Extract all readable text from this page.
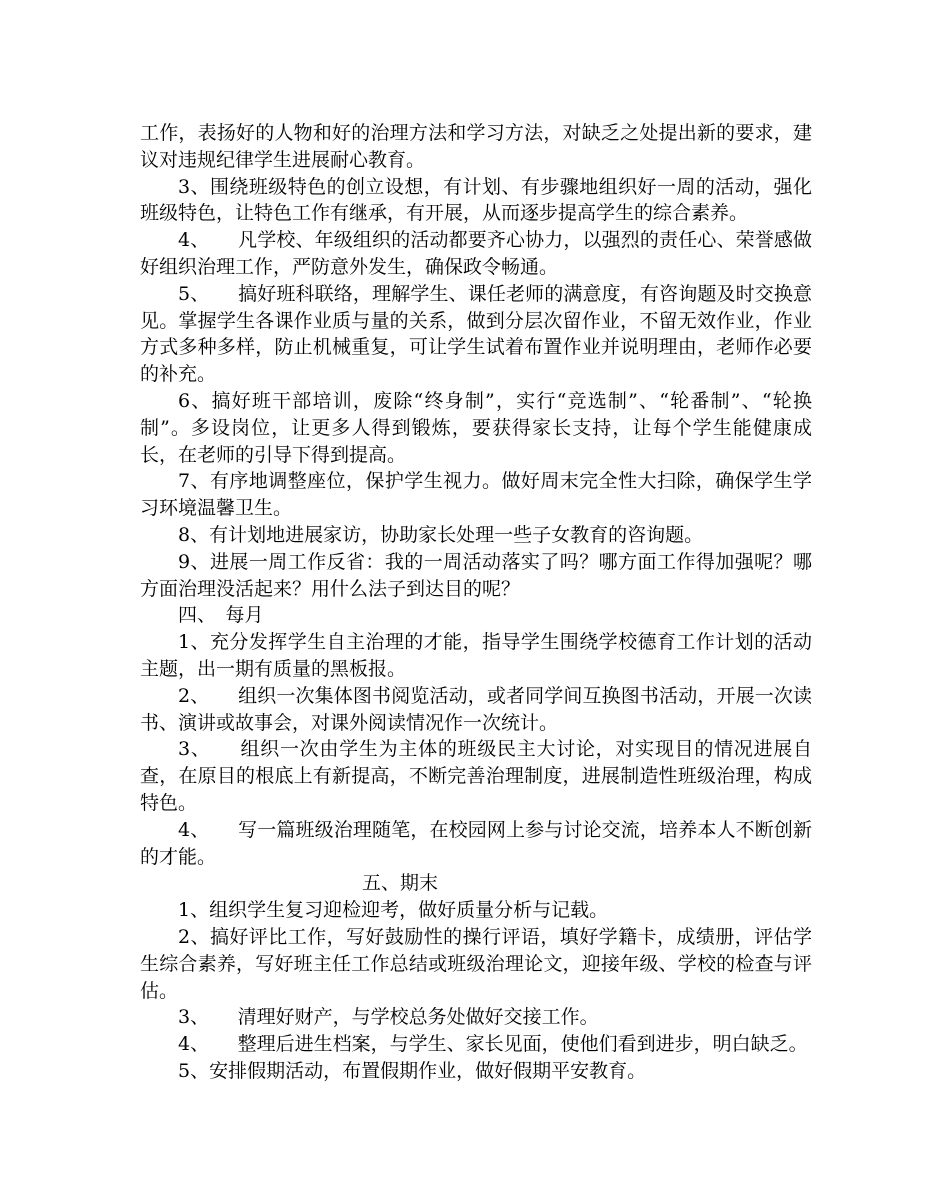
工作，表扬好的人物和好的治理方法和学习方法，对缺乏之处提出新的要求，建议对违规纪律学生进展耐心教育。

3、围绕班级特色的创立设想，有计划、有步骤地组织好一周的活动，强化班级特色，让特色工作有继承，有开展，从而逐步提高学生的综合素养。

4、　　凡学校、年级组织的活动都要齐心协力，以强烈的责任心、荣誉感做好组织治理工作，严防意外发生，确保政令畅通。

5、　　搞好班科联络，理解学生、课任老师的满意度，有咨询题及时交换意见。掌握学生各课作业质与量的关系，做到分层次留作业，不留无效作业，作业方式多种多样，防止机械重复，可让学生试着布置作业并说明理由，老师作必要的补充。

6、搞好班干部培训，废除“终身制”，实行“竞选制”、“轮番制”、“轮换制”。多设岗位，让更多人得到锻炼，要获得家长支持，让每个学生能健康成长，在老师的引导下得到提高。

7、有序地调整座位，保护学生视力。做好周末完全性大扫除，确保学生学习环境温馨卫生。

8、有计划地进展家访，协助家长处理一些子女教育的咨询题。

9、进展一周工作反省：我的一周活动落实了吗？哪方面工作得加强呢？哪方面治理没活起来？用什么法子到达目的呢？

四、　每月

1、充分发挥学生自主治理的才能，指导学生围绕学校德育工作计划的活动主题，出一期有质量的黑板报。

2、　　组织一次集体图书阅览活动，或者同学间互换图书活动，开展一次读书、演讲或故事会，对课外阅读情况作一次统计。

3、　　组织一次由学生为主体的班级民主大讨论，对实现目的情况进展自查，在原目的根底上有新提高，不断完善治理制度，进展制造性班级治理，构成特色。

4、　　写一篇班级治理随笔，在校园网上参与讨论交流，培养本人不断创新的才能。

五、期末

1、组织学生复习迎检迎考，做好质量分析与记载。

2、搞好评比工作，写好鼓励性的操行评语，填好学籍卡，成绩册，评估学生综合素养，写好班主任工作总结或班级治理论文，迎接年级、学校的检查与评估。

3、　　清理好财产，与学校总务处做好交接工作。

4、　　整理后进生档案，与学生、家长见面，使他们看到进步，明白缺乏。

5、安排假期活动，布置假期作业，做好假期平安教育。
